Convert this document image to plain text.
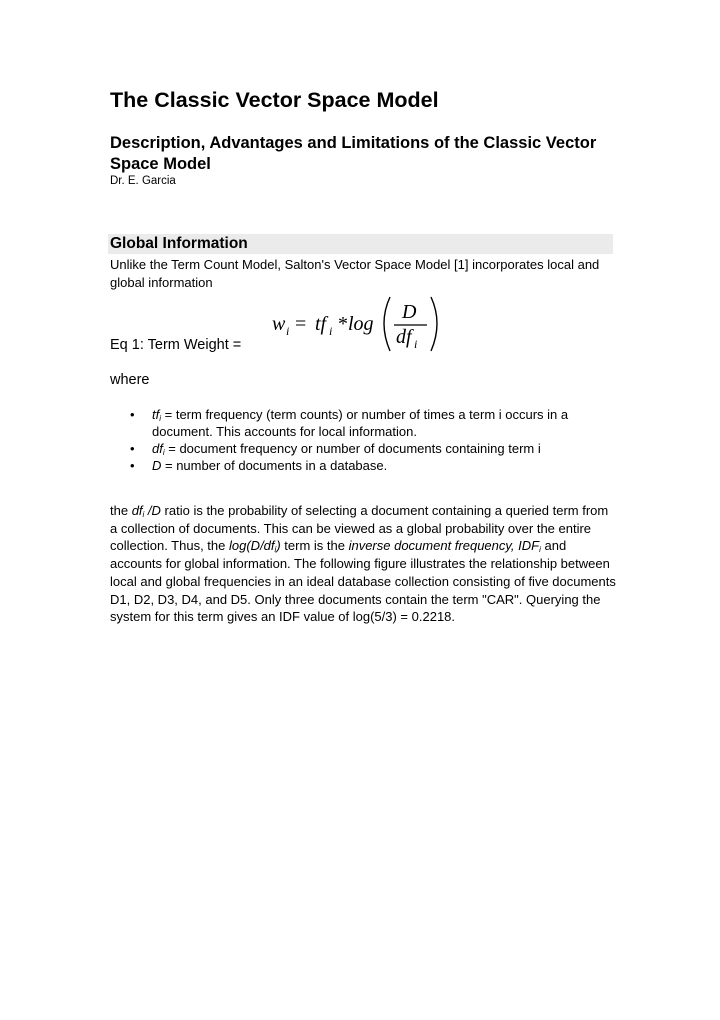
The Classic Vector Space Model
Description, Advantages and Limitations of the Classic Vector Space Model
Dr. E. Garcia
Global Information
Unlike the Term Count Model, Salton's Vector Space Model [1] incorporates local and global information
Eq 1: Term Weight =
w i = tf i * log
D
df i
where
• $tf_i$ = term frequency (term counts) or number of times a term i occurs in a document. This accounts for local information.
• $df_i$ = document frequency or number of documents containing term i
• D = number of documents in a database.

the $df_i$ /D ratio is the probability of selecting a document containing a queried term from a collection of documents. This can be viewed as a global probability over the entire collection. Thus, the $\log(D/df_i)$ term is the inverse document frequency, $IDF_i$ and accounts for global information. The following figure illustrates the relationship between local and global frequencies in an ideal database collection consisting of five documents D1, D2, D3, D4, and D5. Only three documents contain the term "CAR". Querying the system for this term gives an IDF value of log(5/3) = 0.2218.
